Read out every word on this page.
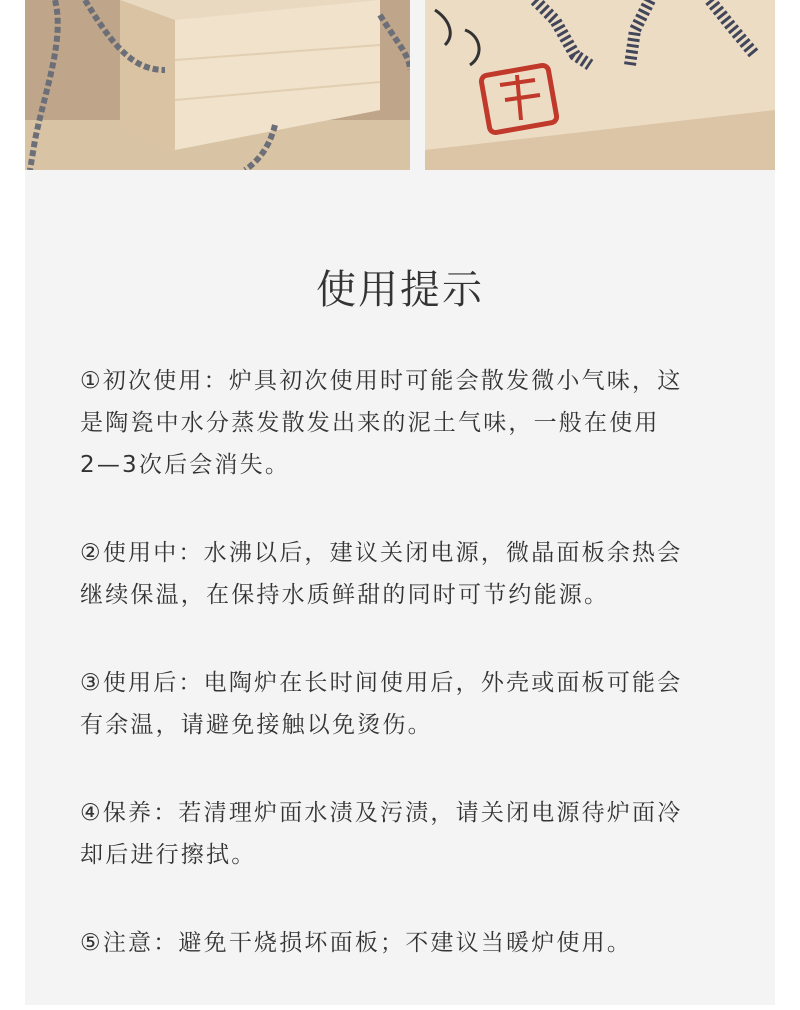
使用提示

①初次使用：炉具初次使用时可能会散发微小气味，这
是陶瓷中水分蒸发散发出来的泥土气味，一般在使用
2—3次后会消失。

②使用中：水沸以后，建议关闭电源，微晶面板余热会
继续保温，在保持水质鲜甜的同时可节约能源。

③使用后：电陶炉在长时间使用后，外壳或面板可能会
有余温，请避免接触以免烫伤。

④保养：若清理炉面水渍及污渍，请关闭电源待炉面冷
却后进行擦拭。

⑤注意：避免干烧损坏面板；不建议当暖炉使用。
